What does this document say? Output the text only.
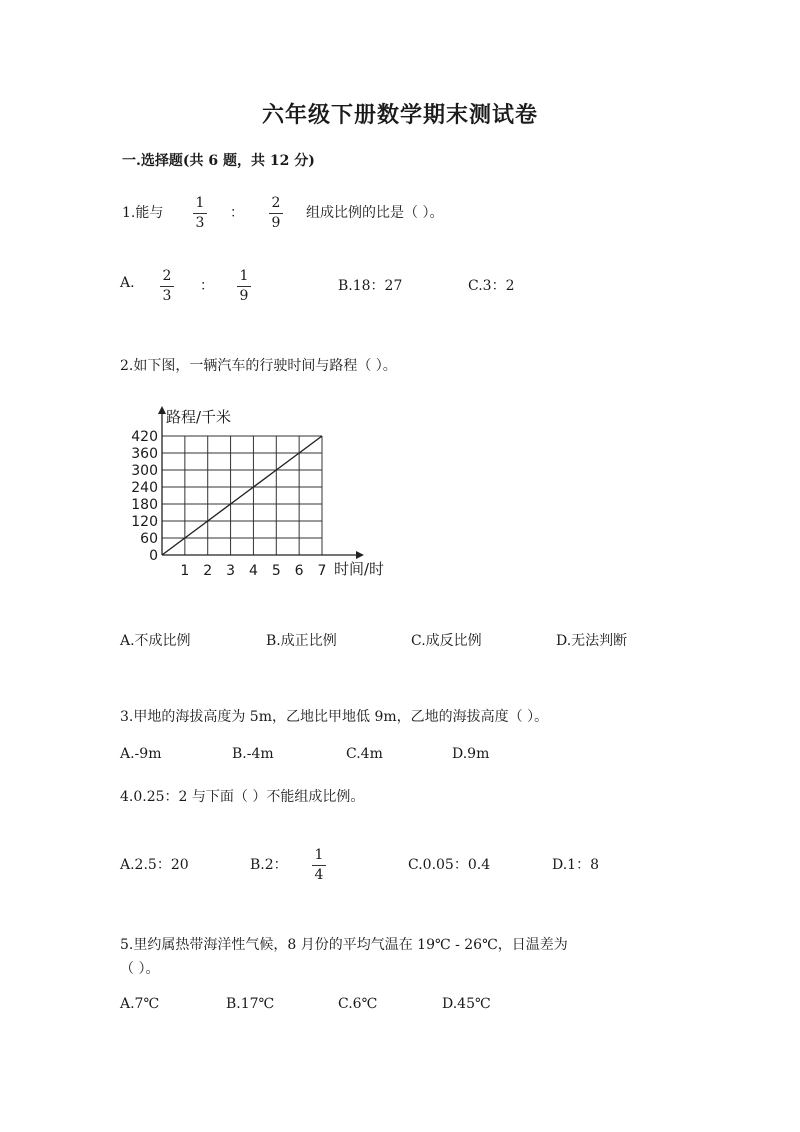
六年级下册数学期末测试卷
一.选择题(共 6 题，共 12 分)
1.能与
1
3
：
2
9
组成比例的比是（ ）。
A. 2
3
：
1
9
B.18：27	C.3：2
2.如下图，一辆汽车的行驶时间与路程（ ）。
0
60
120
180
240
300
360
420
1 2 3 4 5 6 7
路程/千米
时间/时
A.不成比例	B.成正比例	C.成反比例	D.无法判断
3.甲地的海拔高度为 5m，乙地比甲地低 9m，乙地的海拔高度（ ）。
A.-9m	B.-4m	C.4m	D.9m
4.0.25：2 与下面（ ）不能组成比例。
A.2.5：20	B.2：
1
4
C.0.05：0.4	D.1：8
5.里约属热带海洋性气候，8 月份的平均气温在 19℃ - 26℃，日温差为
（ ）。
A.7℃	B.17℃	C.6℃	D.45℃
